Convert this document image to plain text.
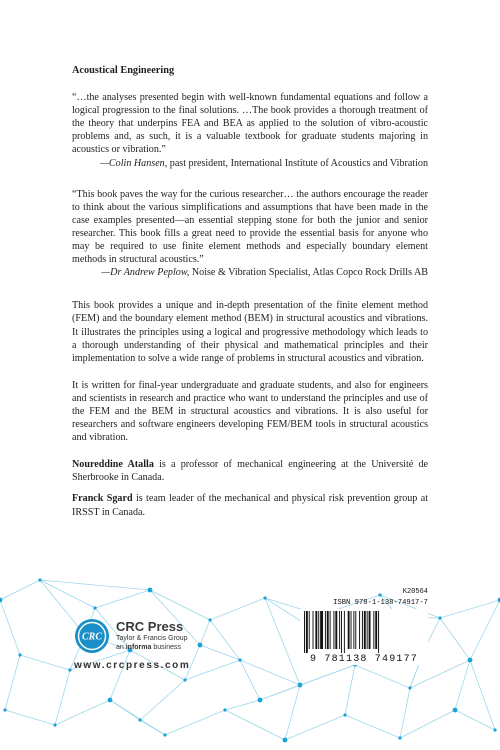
Acoustical Engineering
“…the analyses presented begin with well-known fundamental equations and follow a logical progression to the final solutions. …The book provides a thorough treatment of the theory that underpins FEA and BEA as applied to the solution of vibro-acoustic problems and, as such, it is a valuable textbook for graduate students majoring in acoustics or vibration.”
—Colin Hansen, past president, International Institute of Acoustics and Vibration
“This book paves the way for the curious researcher… the authors encourage the reader to think about the various simplifications and assumptions that have been made in the case examples presented—an essential stepping stone for both the junior and senior researcher. This book fills a great need to provide the essential basis for anyone who may be required to use finite element methods and especially boundary element methods in structural acoustics.”
—Dr Andrew Peplow, Noise & Vibration Specialist, Atlas Copco Rock Drills AB
This book provides a unique and in-depth presentation of the finite element method (FEM) and the boundary element method (BEM) in structural acoustics and vibrations. It illustrates the principles using a logical and progressive methodology which leads to a thorough understanding of their physical and mathematical principles and their implementation to solve a wide range of problems in structural acoustics and vibration.
It is written for final-year undergraduate and graduate students, and also for engineers and scientists in research and practice who want to understand the principles and use of the FEM and the BEM in structural acoustics and vibrations. It is also useful for researchers and software engineers developing FEM/BEM tools in structural acoustics and vibration.
Noureddine Atalla is a professor of mechanical engineering at the Université de Sherbrooke in Canada.
Franck Sgard is team leader of the mechanical and physical risk prevention group at IRSST in Canada.
K20564
ISBN 978-1-138-74917-7
9 781138 749177
CRC
CRC Press
Taylor & Francis Group
an informa business
www.crcpress.com
